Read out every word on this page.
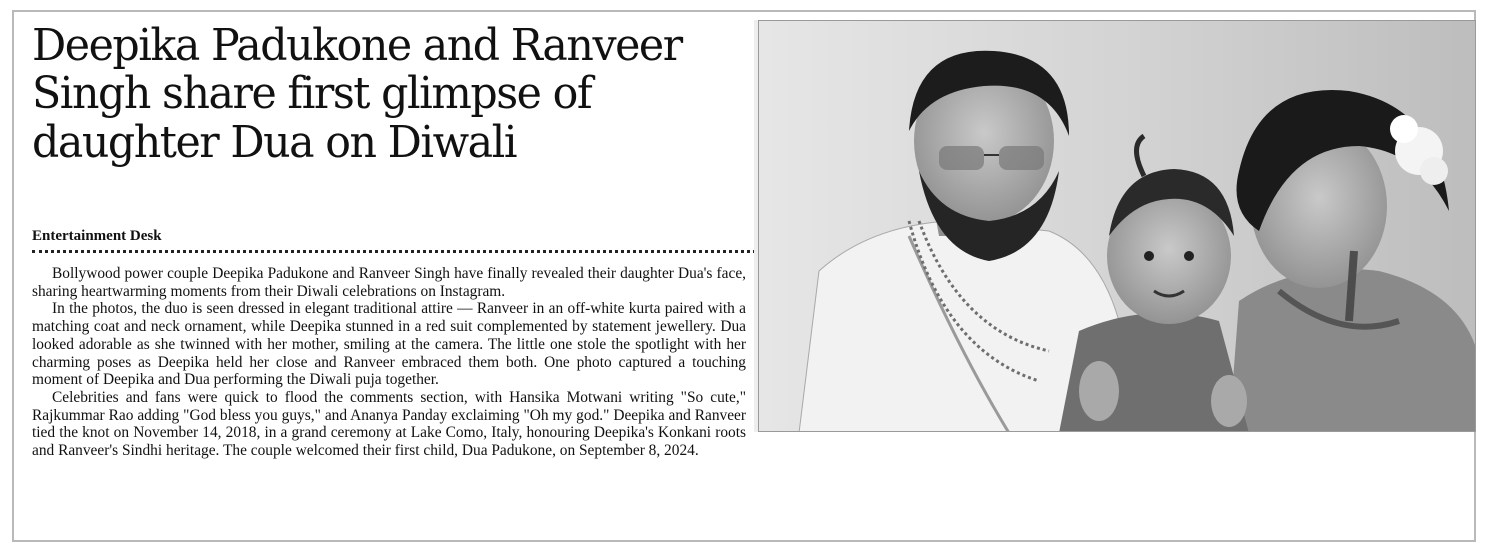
Deepika Padukone and Ranveer Singh share first glimpse of daughter Dua on Diwali
Entertainment Desk

Bollywood power couple Deepika Padukone and Ranveer Singh have finally revealed their daughter Dua's face, sharing heartwarming moments from their Diwali celebrations on Instagram.

In the photos, the duo is seen dressed in elegant traditional attire — Ranveer in an off-white kurta paired with a matching coat and neck ornament, while Deepika stunned in a red suit complemented by statement jewellery. Dua looked adorable as she twinned with her mother, smiling at the camera. The little one stole the spotlight with her charming poses as Deepika held her close and Ranveer embraced them both. One photo captured a touching moment of Deepika and Dua performing the Diwali puja together.

Celebrities and fans were quick to flood the comments section, with Hansika Motwani writing "So cute," Rajkummar Rao adding "God bless you guys," and Ananya Panday exclaiming "Oh my god." Deepika and Ranveer tied the knot on November 14, 2018, in a grand ceremony at Lake Como, Italy, honouring Deepika's Konkani roots and Ranveer's Sindhi heritage. The couple welcomed their first child, Dua Padukone, on September 8, 2024.
